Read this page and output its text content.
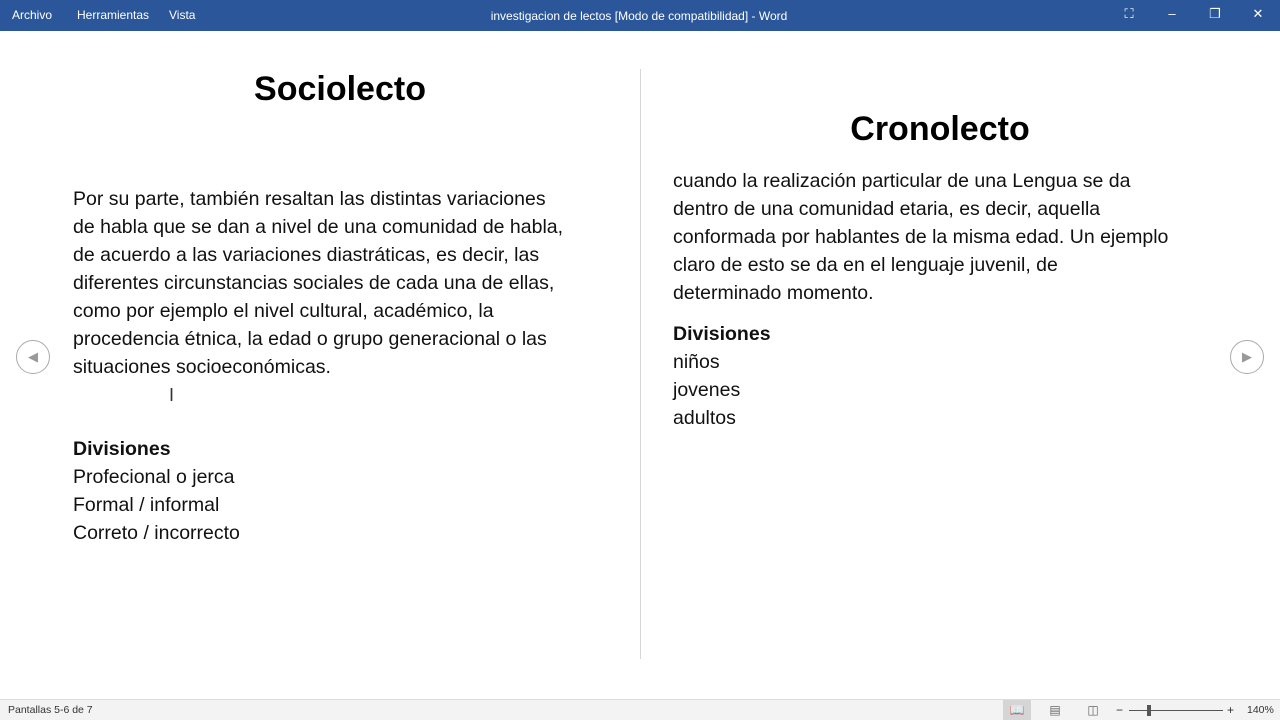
Archivo Herramientas Vista	investigacion de lectos [Modo de compatibilidad] - Word	⛶	–	❐	✕
Sociolecto
Por su parte, también resaltan las distintas variaciones
de habla que se dan a nivel de una comunidad de habla,
de acuerdo a las variaciones diastráticas, es decir, las
diferentes circunstancias sociales de cada una de ellas,
como por ejemplo el nivel cultural, académico, la
procedencia étnica, la edad o grupo generacional o las
situaciones socioeconómicas.
I
Divisiones
Profecional o jerca
Formal / informal
Correto / incorrecto
Cronolecto
cuando la realización particular de una Lengua se da
dentro de una comunidad etaria, es decir, aquella
conformada por hablantes de la misma edad. Un ejemplo
claro de esto se da en el lenguaje juvenil, de
determinado momento.
Divisiones
niños
jovenes
adultos
◀	▶
Pantallas 5-6 de 7	📖	▤	◫	−	+ 140%
